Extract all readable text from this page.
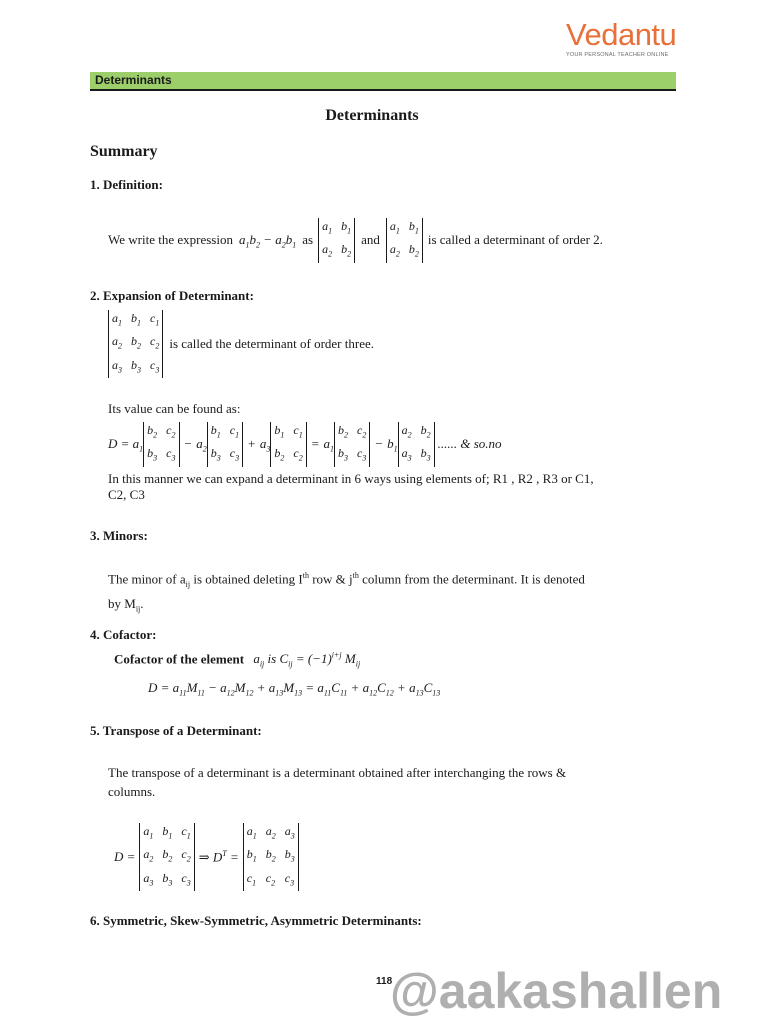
Vedantu
YOUR PERSONAL TEACHER ONLINE
Determinants
Determinants
Summary
1. Definition:
We write the expression $a_1b_2 - a_2b_1$ as
$a_1$ $b_1$
$a_2$ $b_2$
and
$a_1$ $b_1$
$a_2$ $b_2$
is called a determinant of order 2.
2. Expansion of Determinant:
$a_1$ $b_1$ $c_1$
$a_2$ $b_2$ $c_2$
$a_3$ $b_3$ $c_3$
is called the determinant of order three.
Its value can be found as:
$D = a_1$
$b_2$ $c_2$
$b_3$ $c_3$
− $a_2$
$b_1$ $c_1$
$b_3$ $c_3$
+ $a_3$
$b_1$ $c_1$
$b_2$ $c_2$
= $a_1$
$b_2$ $c_2$
$b_3$ $c_3$
− $b_1$
$a_2$ $b_2$
$a_3$ $b_3$
...... & so.no
In this manner we can expand a determinant in 6 ways using elements of; R1 , R2 , R3 or C1,
C2, C3
3. Minors:
The minor of $a_{ij}$ is obtained deleting Ith row & $j^{th}$ column from the determinant. It is denoted
by $M_{ij}$.
4. Cofactor:
Cofactor of the element $a_{ij}$ is $C_{ij} = (-1)^{i+j}$ $M_{ij}$
$D = a_{11}M_{11} - a_{12}M_{12} + a_{13}M_{13} = a_{11}C_{11} + a_{12}C_{12} + a_{13}C_{13}$
5. Transpose of a Determinant:
The transpose of a determinant is a determinant obtained after interchanging the rows &
columns.
D =
$a_1$ $b_1$ $c_1$
$a_2$ $b_2$ $c_2$
$a_3$ $b_3$ $c_3$
⇒ $D^T$ =
$a_1$ $a_2$ $a_3$
$b_1$ $b_2$ $b_3$
$c_1$ $c_2$ $c_3$
6. Symmetric, Skew-Symmetric, Asymmetric Determinants:
118
@aakashallen
